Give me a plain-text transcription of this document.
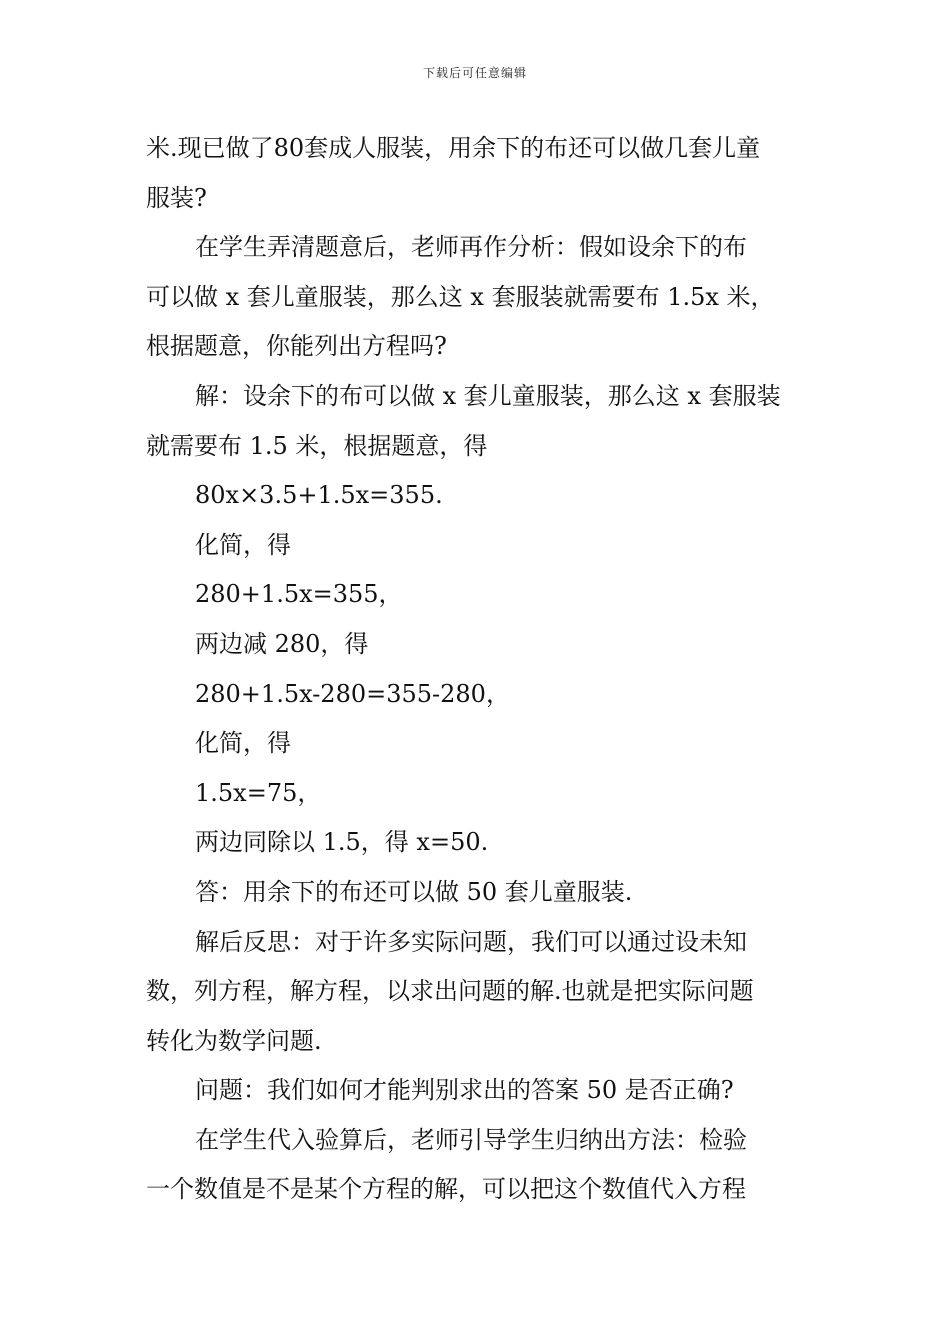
下载后可任意编辑
米.现已做了80套成人服装，用余下的布还可以做几套儿童
服装?
在学生弄清题意后，老师再作分析：假如设余下的布
可以做 x 套儿童服装，那么这 x 套服装就需要布 1.5x 米，
根据题意，你能列出方程吗?
解：设余下的布可以做 x 套儿童服装，那么这 x 套服装
就需要布 1.5 米，根据题意，得
80x×3.5+1.5x=355.
化简，得
280+1.5x=355，
两边减 280，得
280+1.5x-280=355-280，
化简，得
1.5x=75，
两边同除以 1.5，得 x=50.
答：用余下的布还可以做 50 套儿童服装.
解后反思：对于许多实际问题，我们可以通过设未知
数，列方程，解方程，以求出问题的解.也就是把实际问题
转化为数学问题.
问题：我们如何才能判别求出的答案 50 是否正确?
在学生代入验算后，老师引导学生归纳出方法：检验
一个数值是不是某个方程的解，可以把这个数值代入方程
